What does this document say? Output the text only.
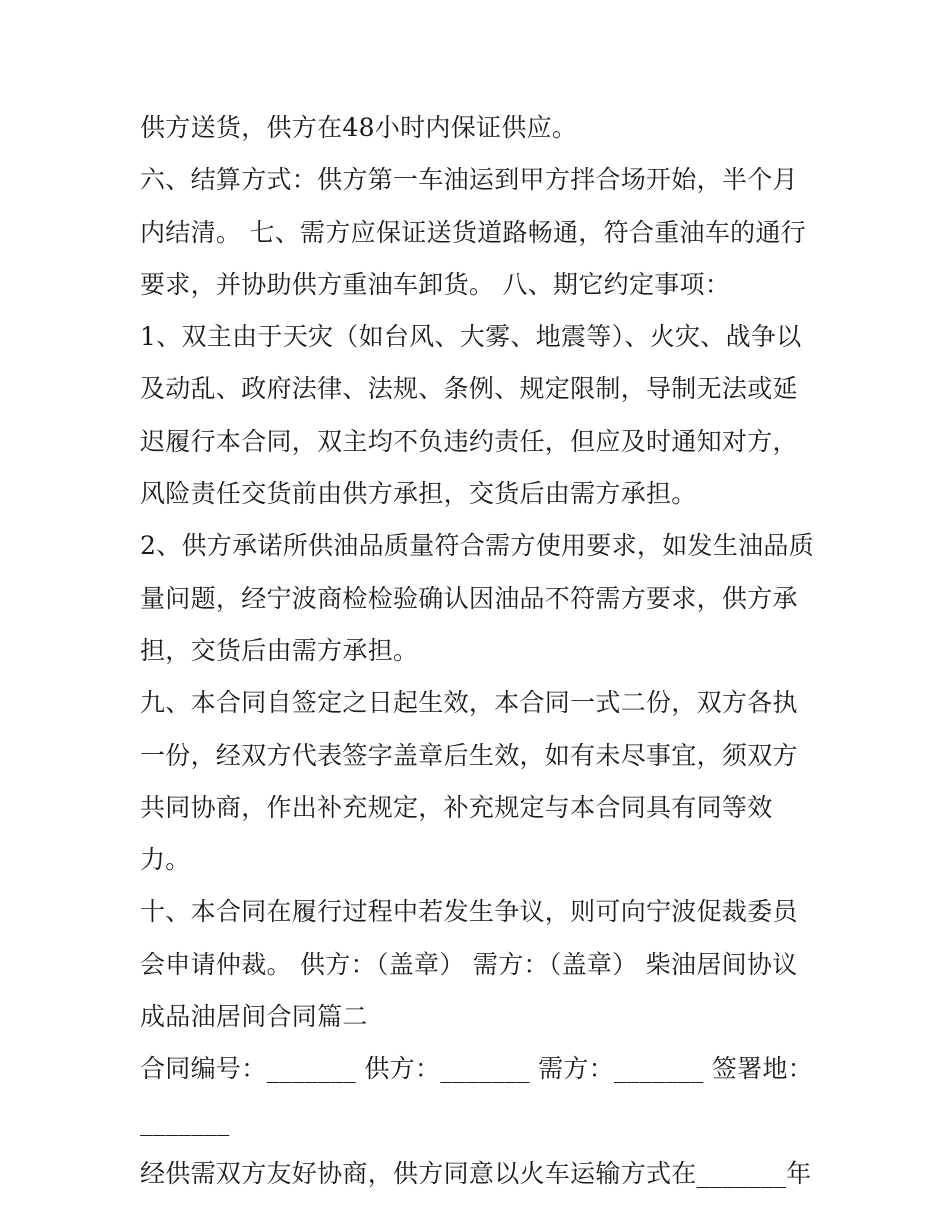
供方送货，供方在48小时内保证供应。

六、结算方式：供方第一车油运到甲方拌合场开始，半个月内结清。 七、需方应保证送货道路畅通，符合重油车的通行要求，并协助供方重油车卸货。 八、期它约定事项：

1、双主由于天灾（如台风、大雾、地震等）、火灾、战争以及动乱、政府法律、法规、条例、规定限制，导制无法或延迟履行本合同，双主均不负违约责任，但应及时通知对方，风险责任交货前由供方承担，交货后由需方承担。

2、供方承诺所供油品质量符合需方使用要求，如发生油品质量问题，经宁波商检检验确认因油品不符需方要求，供方承担，交货后由需方承担。

九、本合同自签定之日起生效，本合同一式二份，双方各执一份，经双方代表签字盖章后生效，如有未尽事宜，须双方共同协商，作出补充规定，补充规定与本合同具有同等效力。

十、本合同在履行过程中若发生争议，则可向宁波促裁委员会申请仲裁。 供方：（盖章） 需方：（盖章） 柴油居间协议

成品油居间合同篇二

合同编号：_______ 供方：_______ 需方：_______ 签署地：_______

经供需双方友好协商，供方同意以火车运输方式在_______年
